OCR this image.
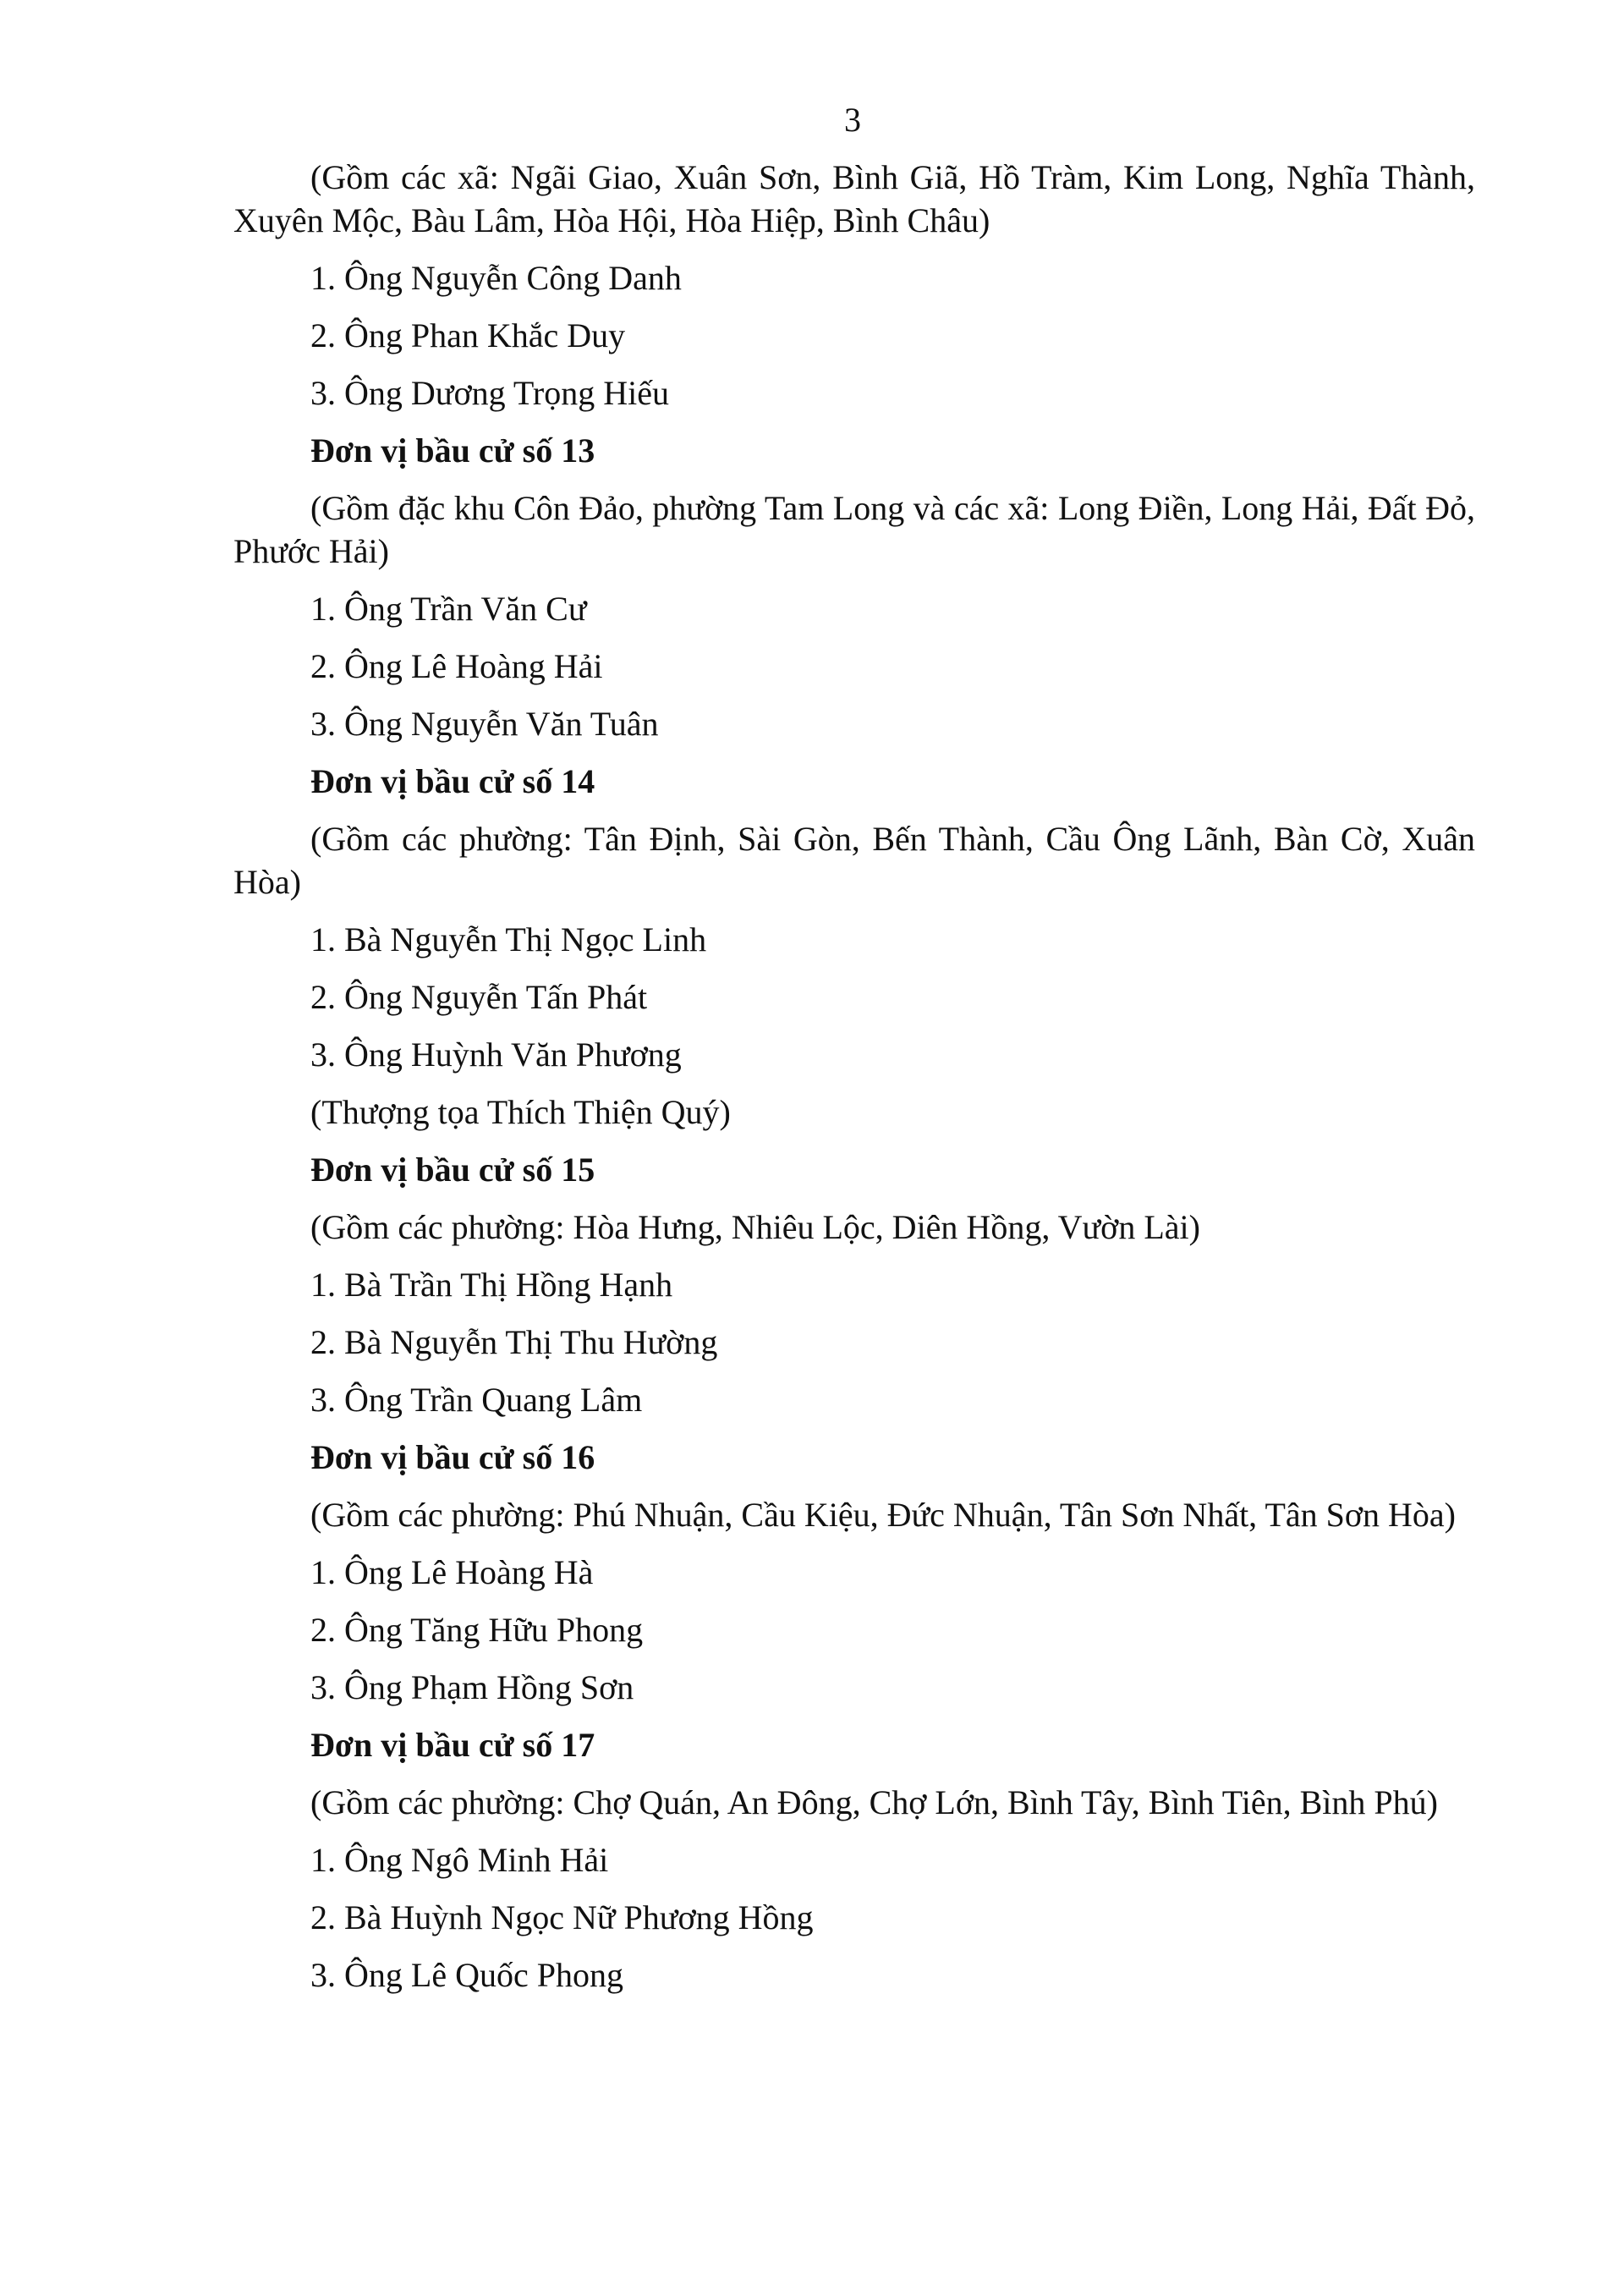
3
(Gồm các xã: Ngãi Giao, Xuân Sơn, Bình Giã, Hồ Tràm, Kim Long, Nghĩa Thành, Xuyên Mộc, Bàu Lâm, Hòa Hội, Hòa Hiệp, Bình Châu)
1. Ông Nguyễn Công Danh
2. Ông Phan Khắc Duy
3. Ông Dương Trọng Hiếu
Đơn vị bầu cử số 13
(Gồm đặc khu Côn Đảo, phường Tam Long và các xã: Long Điền, Long Hải, Đất Đỏ, Phước Hải)
1. Ông Trần Văn Cư
2. Ông Lê Hoàng Hải
3. Ông Nguyễn Văn Tuân
Đơn vị bầu cử số 14
(Gồm các phường: Tân Định, Sài Gòn, Bến Thành, Cầu Ông Lãnh, Bàn Cờ, Xuân Hòa)
1. Bà Nguyễn Thị Ngọc Linh
2. Ông Nguyễn Tấn Phát
3. Ông Huỳnh Văn Phương
(Thượng tọa Thích Thiện Quý)
Đơn vị bầu cử số 15
(Gồm các phường: Hòa Hưng, Nhiêu Lộc, Diên Hồng, Vườn Lài)
1. Bà Trần Thị Hồng Hạnh
2. Bà Nguyễn Thị Thu Hường
3. Ông Trần Quang Lâm
Đơn vị bầu cử số 16
(Gồm các phường: Phú Nhuận, Cầu Kiệu, Đức Nhuận, Tân Sơn Nhất, Tân Sơn Hòa)
1. Ông Lê Hoàng Hà
2. Ông Tăng Hữu Phong
3. Ông Phạm Hồng Sơn
Đơn vị bầu cử số 17
(Gồm các phường: Chợ Quán, An Đông, Chợ Lớn, Bình Tây, Bình Tiên, Bình Phú)
1. Ông Ngô Minh Hải
2. Bà Huỳnh Ngọc Nữ Phương Hồng
3. Ông Lê Quốc Phong
